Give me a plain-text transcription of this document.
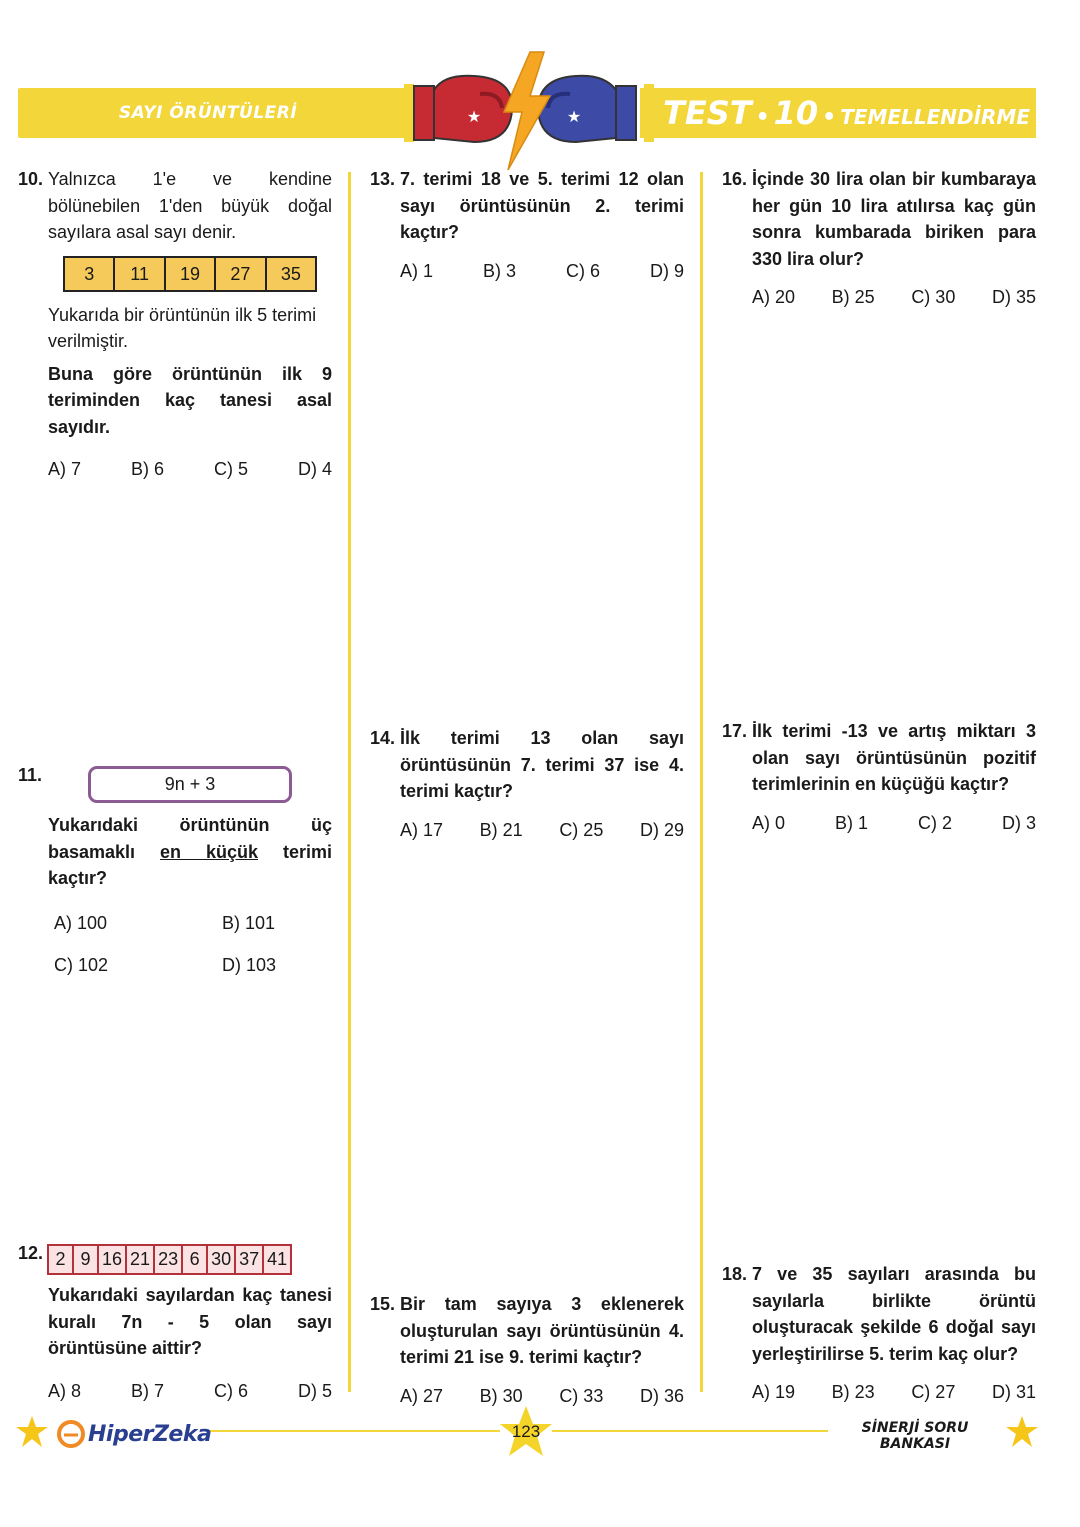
SAYI ÖRÜNTÜLERİ	TEST • 10 • TEMELLENDİRME
★	★
10. Yalnızca 1'e ve kendine bölünebilen 1'den büyük doğal sayılara asal sayı denir.

3	11	19	27	35

Yukarıda bir örüntünün ilk 5 terimi verilmiştir.

Buna göre örüntünün ilk 9 teriminden kaç tanesi asal sayıdır.

A) 7	B) 6	C) 5	D) 4
11.	9n + 3
Yukarıdaki örüntünün üç basamaklı en küçük terimi kaçtır?
A) 100	B) 101
C) 102	D) 103
12. 2 9 16 21 23 6 30 37 41
Yukarıdaki sayılardan kaç tanesi kuralı 7n - 5 olan sayı örüntüsüne aittir?
A) 8	B) 7	C) 6	D) 5
13. 7. terimi 18 ve 5. terimi 12 olan sayı örüntüsünün 2. terimi kaçtır?
A) 1	B) 3	C) 6	D) 9
14. İlk terimi 13 olan sayı örüntüsünün 7. terimi 37 ise 4. terimi kaçtır?
A) 17 B) 21 C) 25 D) 29
15. Bir tam sayıya 3 eklenerek oluşturulan sayı örüntüsünün 4. terimi 21 ise 9. terimi kaçtır?
A) 27 B) 30 C) 33 D) 36
16. İçinde 30 lira olan bir kumbaraya her gün 10 lira atılırsa kaç gün sonra kumbarada biriken para 330 lira olur?
A) 20 B) 25 C) 30 D) 35
17. İlk terimi -13 ve artış miktarı 3 olan sayı örüntüsünün pozitif terimlerinin en küçüğü kaçtır?
A) 0	B) 1	C) 2	D) 3
18. 7 ve 35 sayıları arasında bu sayılarla birlikte örüntü oluşturacak şekilde 6 doğal sayı yerleştirilirse 5. terim kaç olur?
A) 19 B) 23 C) 27 D) 31
HiperZeka	123	SİNERJİ SORU BANKASI
